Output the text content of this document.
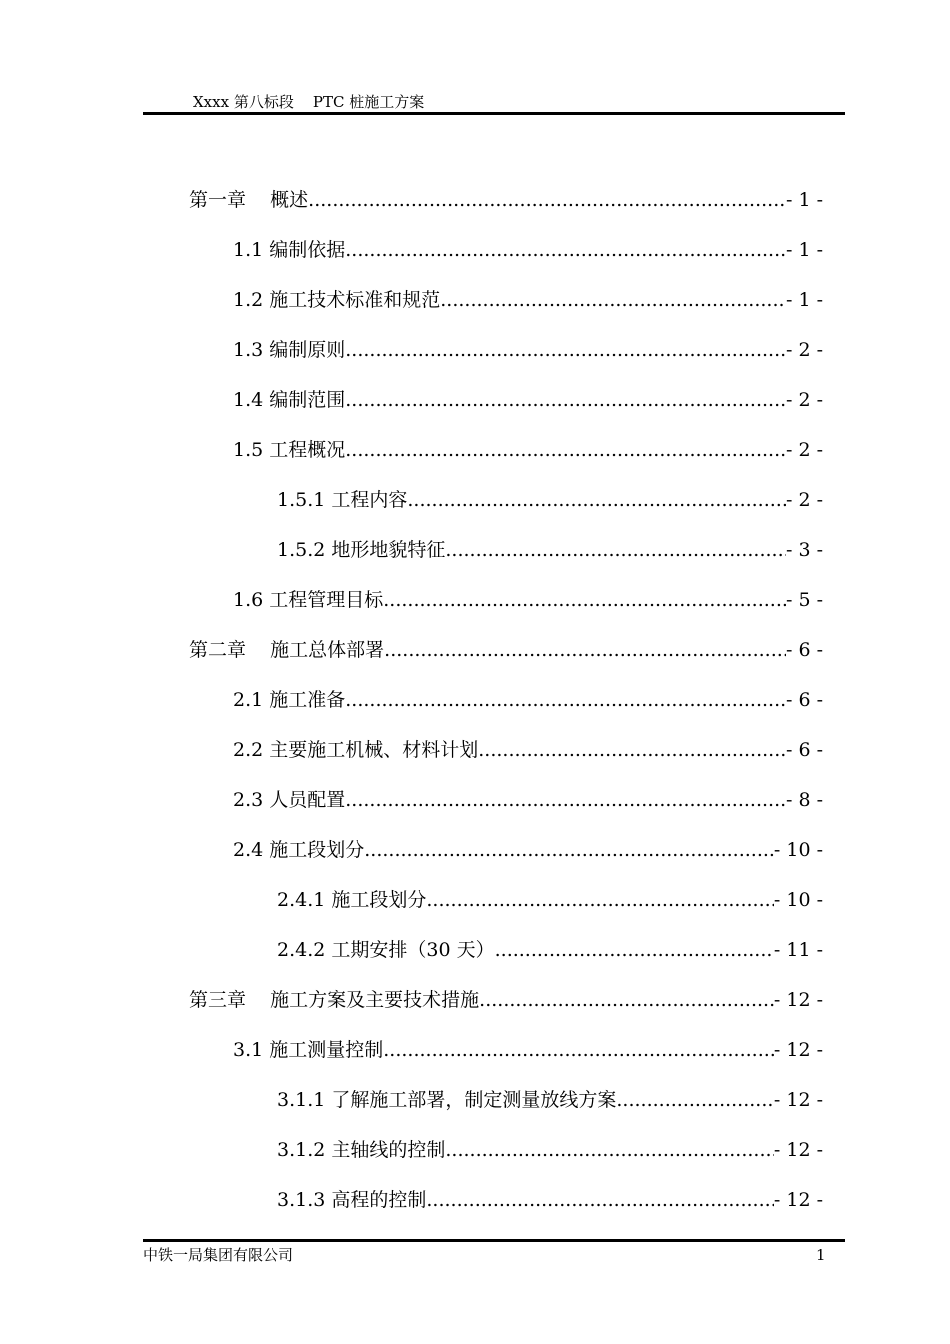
Xxxx 第八标段    PTC 桩施工方案
第一章    概述 .....	- 1 -
1.1 编制依据 .....	- 1 -
1.2 施工技术标准和规范 .....	- 1 -
1.3 编制原则 .....	- 2 -
1.4 编制范围 .....	- 2 -
1.5 工程概况 .....	- 2 -
1.5.1 工程内容 .....	- 2 -
1.5.2 地形地貌特征 .....	- 3 -
1.6 工程管理目标 .....	- 5 -
第二章    施工总体部署 .....	- 6 -
2.1 施工准备 .....	- 6 -
2.2 主要施工机械、材料计划 .....	- 6 -
2.3 人员配置 .....	- 8 -
2.4 施工段划分 .....	- 10 -
2.4.1 施工段划分 .....	- 10 -
2.4.2 工期安排（30 天） .....	- 11 -
第三章    施工方案及主要技术措施 .....	- 12 -
3.1 施工测量控制 .....	- 12 -
3.1.1 了解施工部署，制定测量放线方案 .....	- 12 -
3.1.2 主轴线的控制 .....	- 12 -
3.1.3 高程的控制 .....	- 12 -
中铁一局集团有限公司	1
